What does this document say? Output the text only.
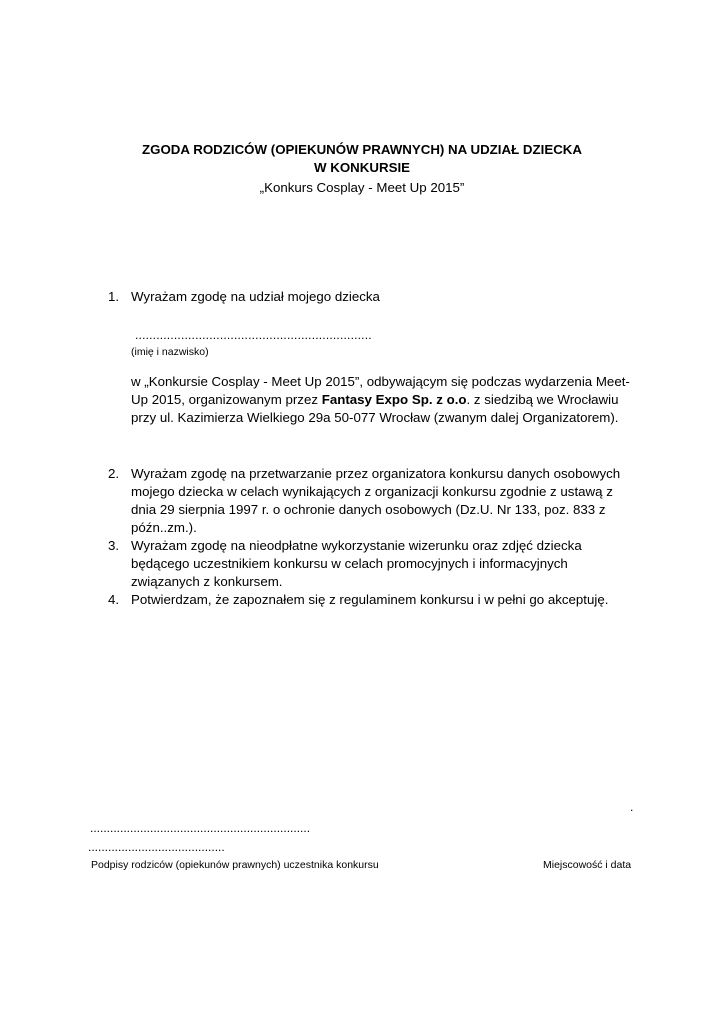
ZGODA RODZICÓW (OPIEKUNÓW PRAWNYCH) NA UDZIAŁ DZIECKA
W KONKURSIE
„Konkurs Cosplay - Meet Up 2015”
1. Wyrażam zgodę na udział mojego dziecka
...................................................................
(imię i nazwisko)
w „Konkursie Cosplay - Meet Up 2015”, odbywającym się podczas wydarzenia Meet-Up 2015, organizowanym przez Fantasy Expo Sp. z o.o. z siedzibą we Wrocławiu przy ul. Kazimierza Wielkiego 29a 50-077 Wrocław (zwanym dalej Organizatorem).
2. Wyrażam zgodę na przetwarzanie przez organizatora konkursu danych osobowych mojego dziecka w celach wynikających z organizacji konkursu zgodnie z ustawą z dnia 29 sierpnia 1997 r. o ochronie danych osobowych (Dz.U. Nr 133, poz. 833 z późn..zm.).
3. Wyrażam zgodę na nieodpłatne wykorzystanie wizerunku oraz zdjęć dziecka będącego uczestnikiem konkursu w celach promocyjnych i informacyjnych związanych z konkursem.
4. Potwierdzam, że zapoznałem się z regulaminem konkursu i w pełni go akceptuję.
.
..................................................................
.........................................
Podpisy rodziców (opiekunów prawnych) uczestnika konkursu	Miejscowość i data
